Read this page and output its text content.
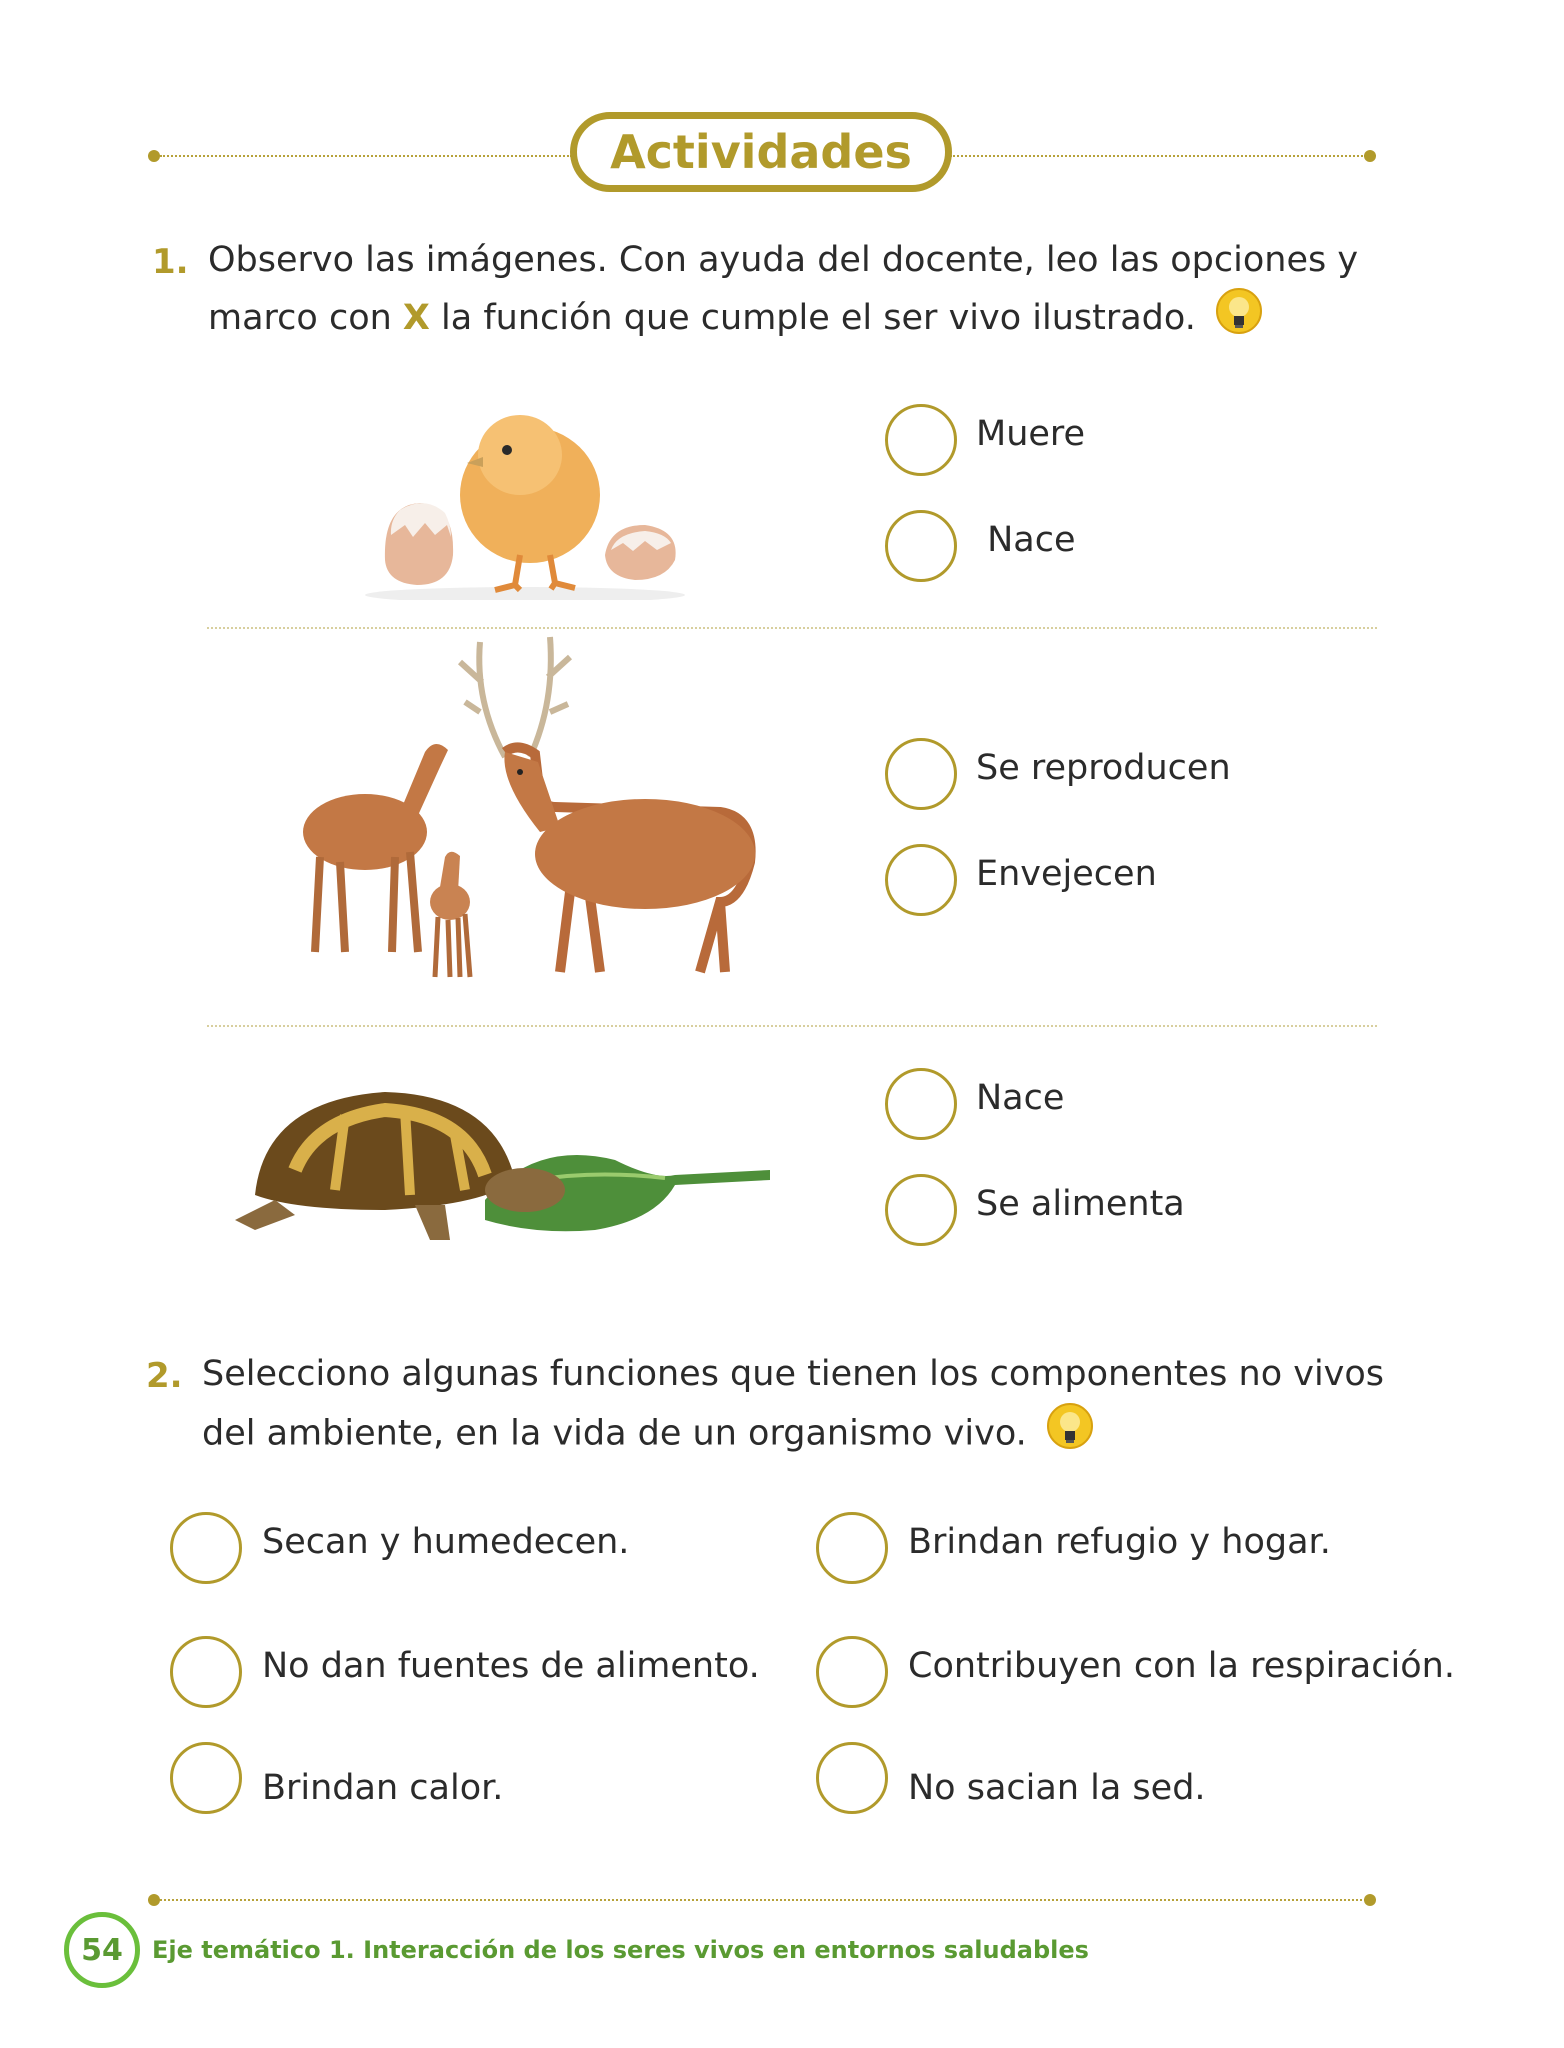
Actividades
1. Observo las imágenes. Con ayuda del docente, leo las opciones y
marco con X la función que cumple el ser vivo ilustrado.
Muere
Nace
Se reproducen
Envejecen
Nace
Se alimenta
2. Selecciono algunas funciones que tienen los componentes no vivos
del ambiente, en la vida de un organismo vivo.
Secan y humedecen.
No dan fuentes de alimento.
Brindan calor.
Brindan refugio y hogar.
Contribuyen con la respiración.
No sacian la sed.
54	Eje temático 1. Interacción de los seres vivos en entornos saludables
